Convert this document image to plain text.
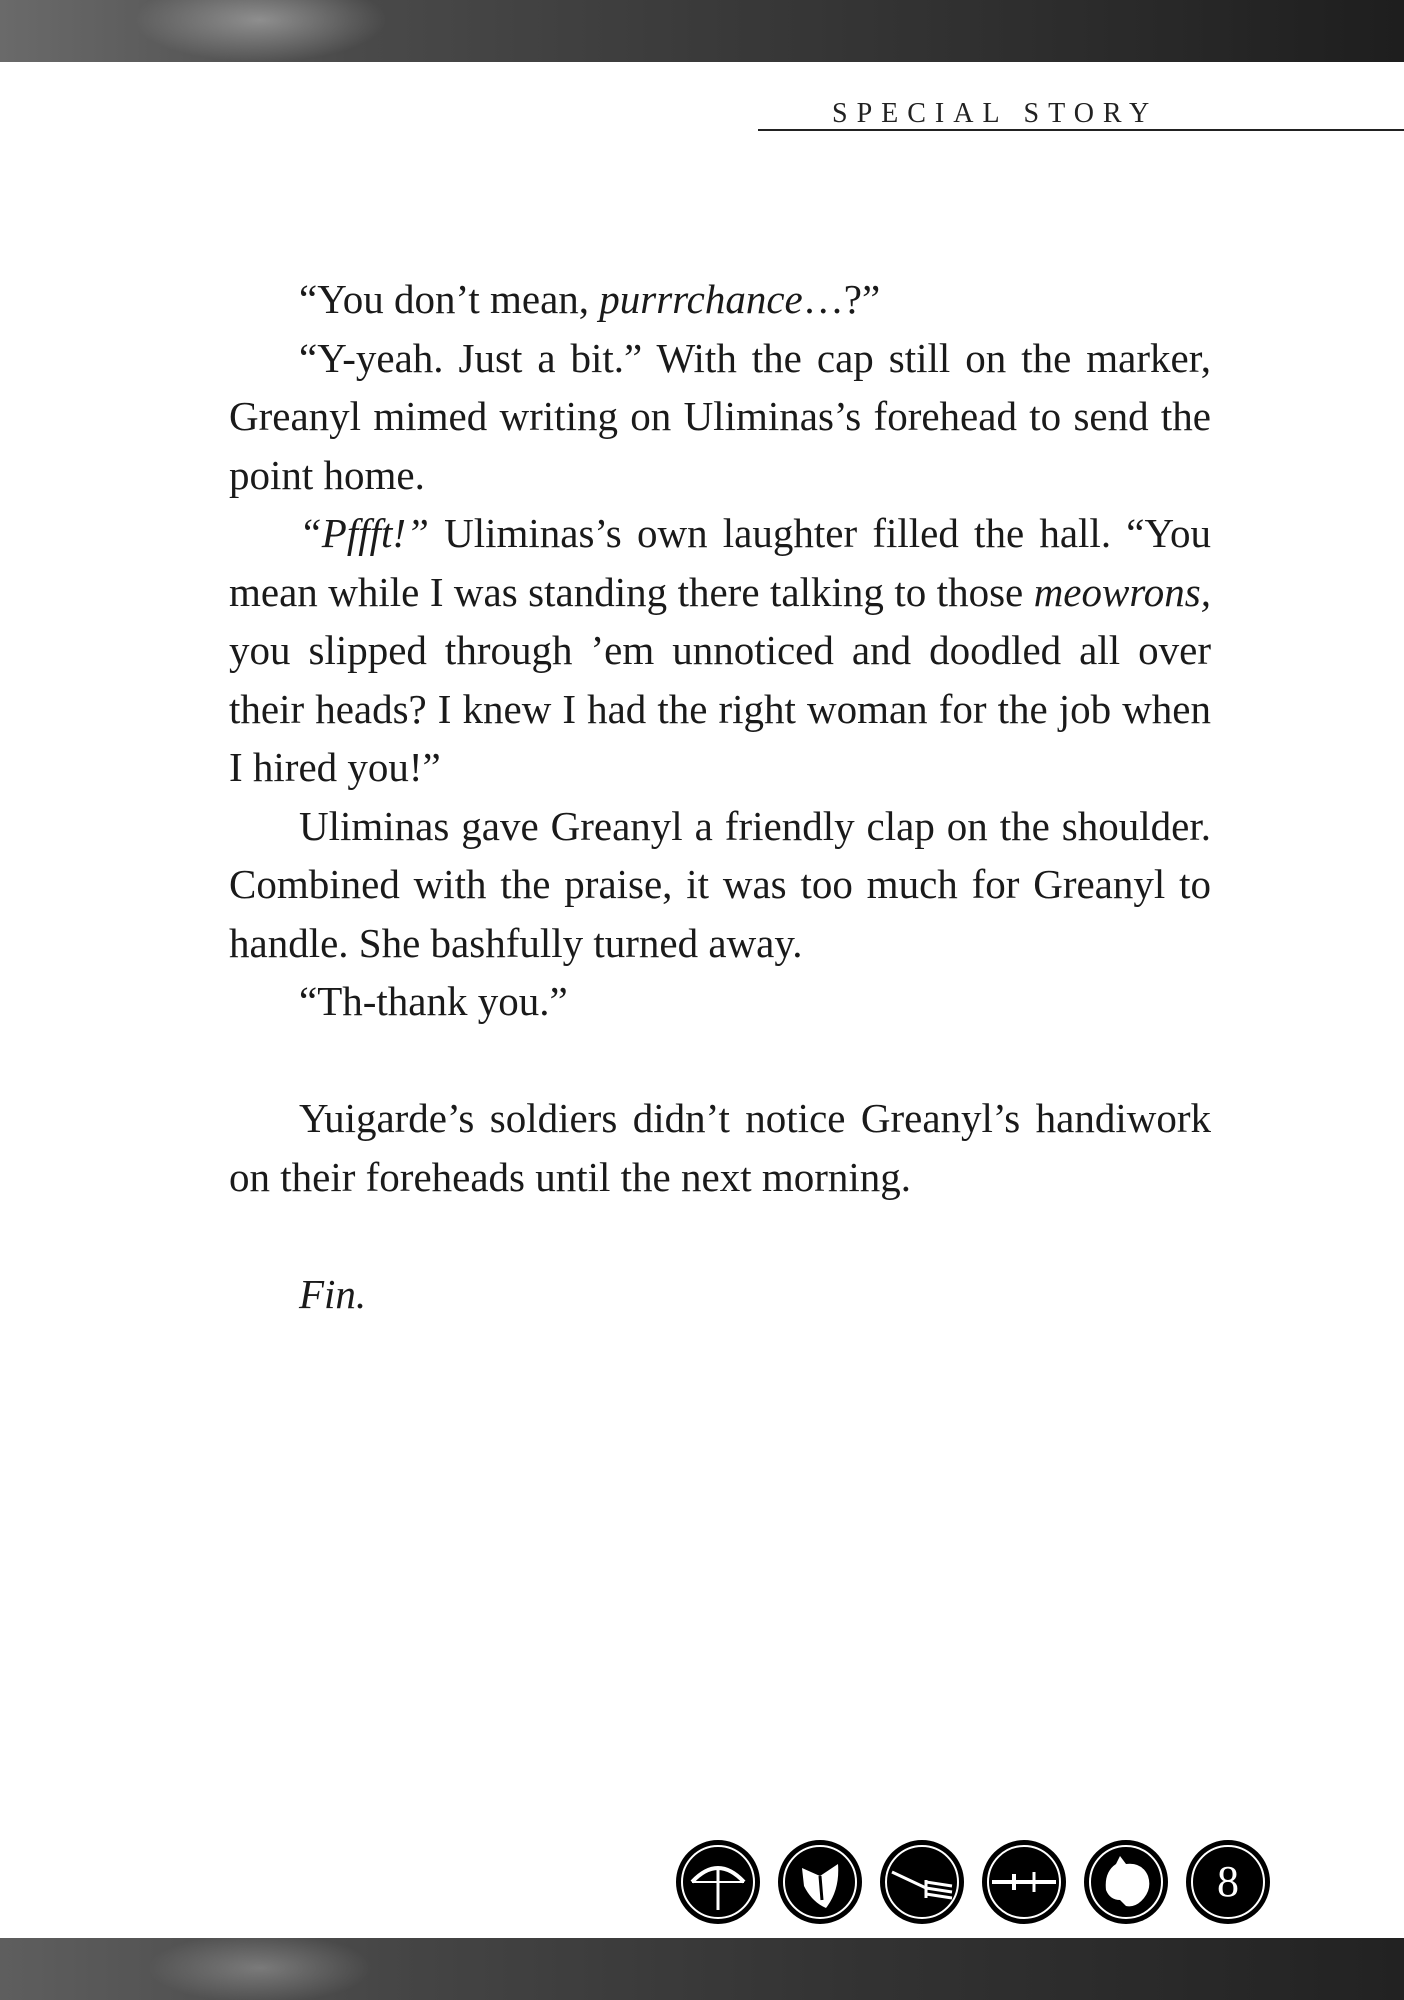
SPECIAL STORY

“You don’t mean, purrrchance…?”

“Y-yeah. Just a bit.” With the cap still on the marker, Greanyl mimed writing on Uliminas’s forehead to send the point home.

“Pffft!” Uliminas’s own laughter filled the hall. “You mean while I was standing there talking to those meowrons, you slipped through ’em unnoticed and doodled all over their heads? I knew I had the right woman for the job when I hired you!”

Uliminas gave Greanyl a friendly clap on the shoulder. Combined with the praise, it was too much for Greanyl to handle. She bashfully turned away.

“Th-thank you.”

Yuigarde’s soldiers didn’t notice Greanyl’s handiwork on their foreheads until the next morning.

Fin.

8
